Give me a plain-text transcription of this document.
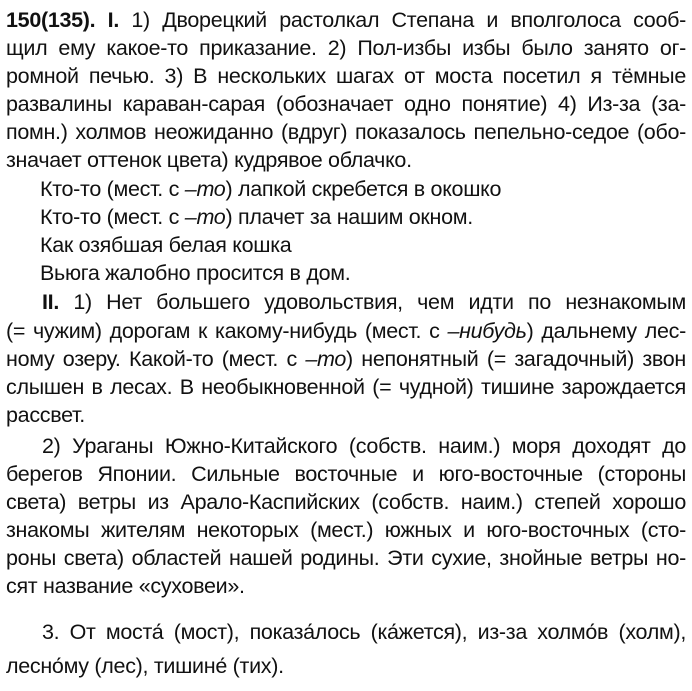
150(135). I. 1) Дворецкий растолкал Степана и вполголоса сооб-
щил ему какое-то приказание. 2) Пол-избы избы было занято ог-
ромной печью. 3) В нескольких шагах от моста посетил я тёмные
развалины караван-сарая (обозначает одно понятие) 4) Из-за (за-
помн.) холмов неожиданно (вдруг) показалось пепельно-седое (обо-
значает оттенок цвета) кудрявое облачко.
Кто-то (мест. с –то) лапкой скребется в окошко
Кто-то (мест. с –то) плачет за нашим окном.
Как озябшая белая кошка
Вьюга жалобно просится в дом.
II. 1) Нет большего удовольствия, чем идти по незнакомым
(= чужим) дорогам к какому-нибудь (мест. с –нибудь) дальнему лес-
ному озеру. Какой-то (мест. с –то) непонятный (= загадочный) звон
слышен в лесах. В необыкновенной (= чудной) тишине зарождается
рассвет.
2) Ураганы Южно-Китайского (собств. наим.) моря доходят до
берегов Японии. Сильные восточные и юго-восточные (стороны
света) ветры из Арало-Каспийских (собств. наим.) степей хорошо
знакомы жителям некоторых (мест.) южных и юго-восточных (сто-
роны света) областей нашей родины. Эти сухие, знойные ветры но-
сят название «суховеи».
3. От моста́ (мост), показа́лось (ка́жется), из-за холмо́в (холм),
лесно́му (лес), тишине́ (тих).
